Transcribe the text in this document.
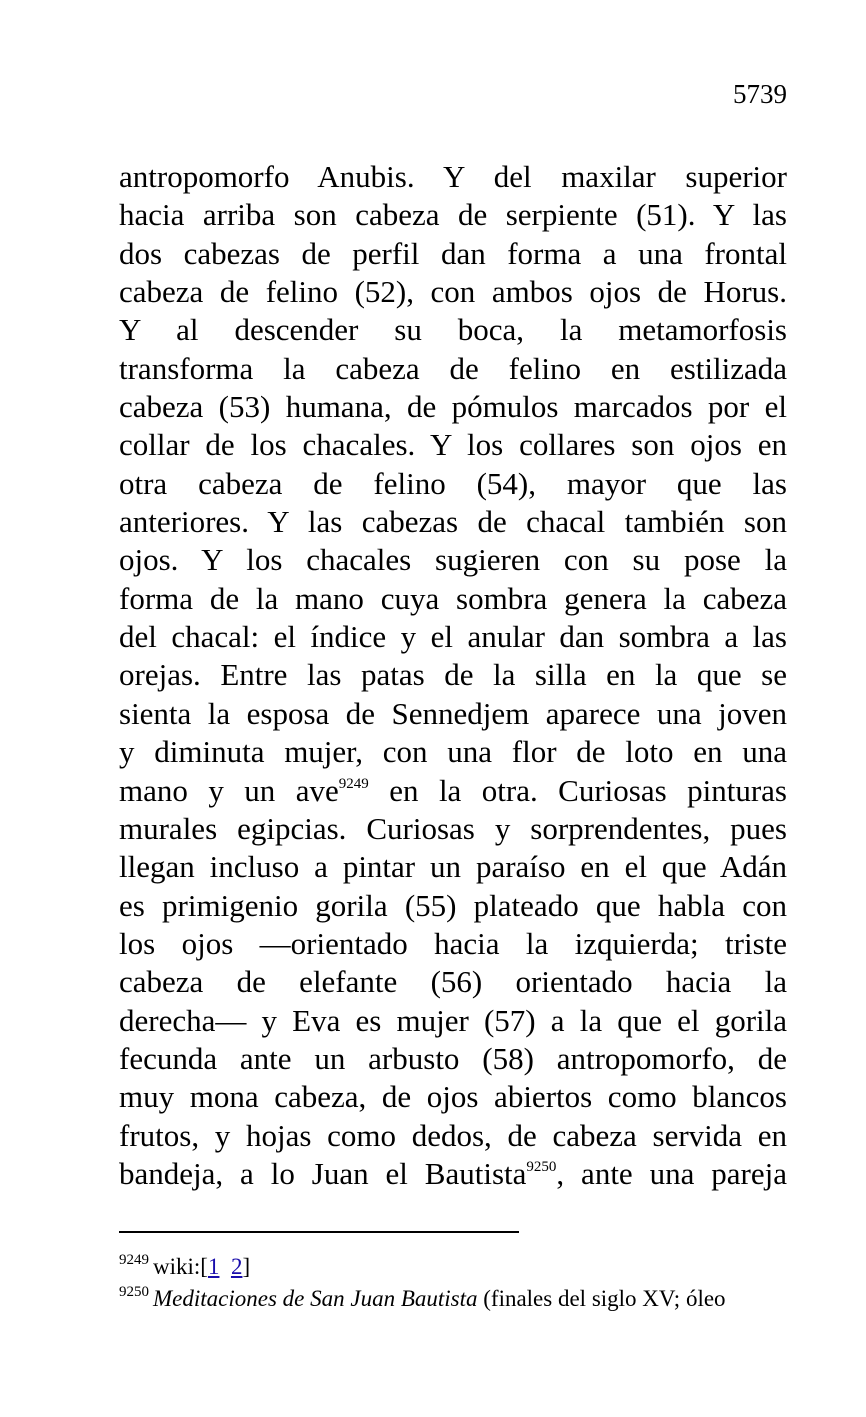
5739
antropomorfo Anubis. Y del maxilar superior
hacia arriba son cabeza de serpiente (51). Y las
dos cabezas de perfil dan forma a una frontal
cabeza de felino (52), con ambos ojos de Horus.
Y al descender su boca, la metamorfosis
transforma la cabeza de felino en estilizada
cabeza (53) humana, de pómulos marcados por el
collar de los chacales. Y los collares son ojos en
otra cabeza de felino (54), mayor que las
anteriores. Y las cabezas de chacal también son
ojos. Y los chacales sugieren con su pose la
forma de la mano cuya sombra genera la cabeza
del chacal: el índice y el anular dan sombra a las
orejas. Entre las patas de la silla en la que se
sienta la esposa de Sennedjem aparece una joven
y diminuta mujer, con una flor de loto en una
mano y un ave$^{9249}$ en la otra. Curiosas pinturas
murales egipcias. Curiosas y sorprendentes, pues
llegan incluso a pintar un paraíso en el que Adán
es primigenio gorila (55) plateado que habla con
los ojos —orientado hacia la izquierda; triste
cabeza de elefante (56) orientado hacia la
derecha— y Eva es mujer (57) a la que el gorila
fecunda ante un arbusto (58) antropomorfo, de
muy mona cabeza, de ojos abiertos como blancos
frutos, y hojas como dedos, de cabeza servida en
bandeja, a lo Juan el Bautista$^{9250}$, ante una pareja
$^{9249}$ wiki:[1 2]
$^{9250}$ Meditaciones de San Juan Bautista (finales del siglo XV; óleo
